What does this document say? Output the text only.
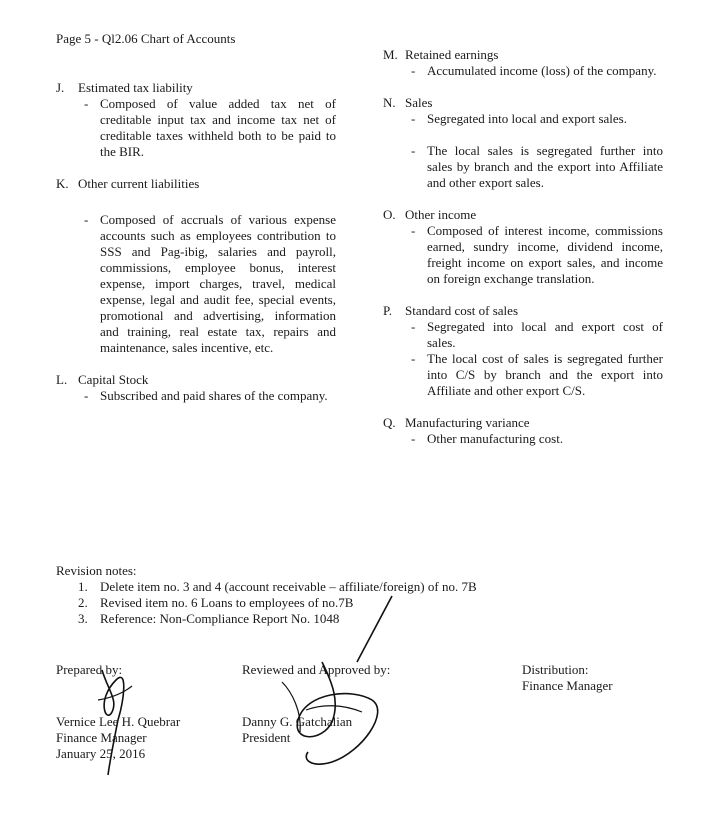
Page 5 - Ql2.06 Chart of Accounts
J. Estimated tax liability
- Composed of value added tax net of creditable input tax and income tax net of creditable taxes withheld both to be paid to the BIR.
K. Other current liabilities
- Composed of accruals of various expense accounts such as employees contribution to SSS and Pag-ibig, salaries and payroll, commissions, employee bonus, interest expense, import charges, travel, medical expense, legal and audit fee, special events, promotional and advertising, information and training, real estate tax, repairs and maintenance, sales incentive, etc.
L. Capital Stock
- Subscribed and paid shares of the company.
M. Retained earnings
- Accumulated income (loss) of the company.
N. Sales
- Segregated into local and export sales.
- The local sales is segregated further into sales by branch and the export into Affiliate and other export sales.
O. Other income
- Composed of interest income, commissions earned, sundry income, dividend income, freight income on export sales, and income on foreign exchange translation.
P. Standard cost of sales
- Segregated into local and export cost of sales.
- The local cost of sales is segregated further into C/S by branch and the export into Affiliate and other export C/S.
Q. Manufacturing variance
- Other manufacturing cost.
Revision notes:
1. Delete item no. 3 and 4 (account receivable – affiliate/foreign) of no. 7B
2. Revised item no. 6 Loans to employees of no.7B
3. Reference: Non-Compliance Report No. 1048
Prepared by:
Vernice Lee H. Quebrar
Finance Manager
January 25, 2016
Reviewed and Approved by:
Danny G. Gatchalian
President
Distribution:
Finance Manager
